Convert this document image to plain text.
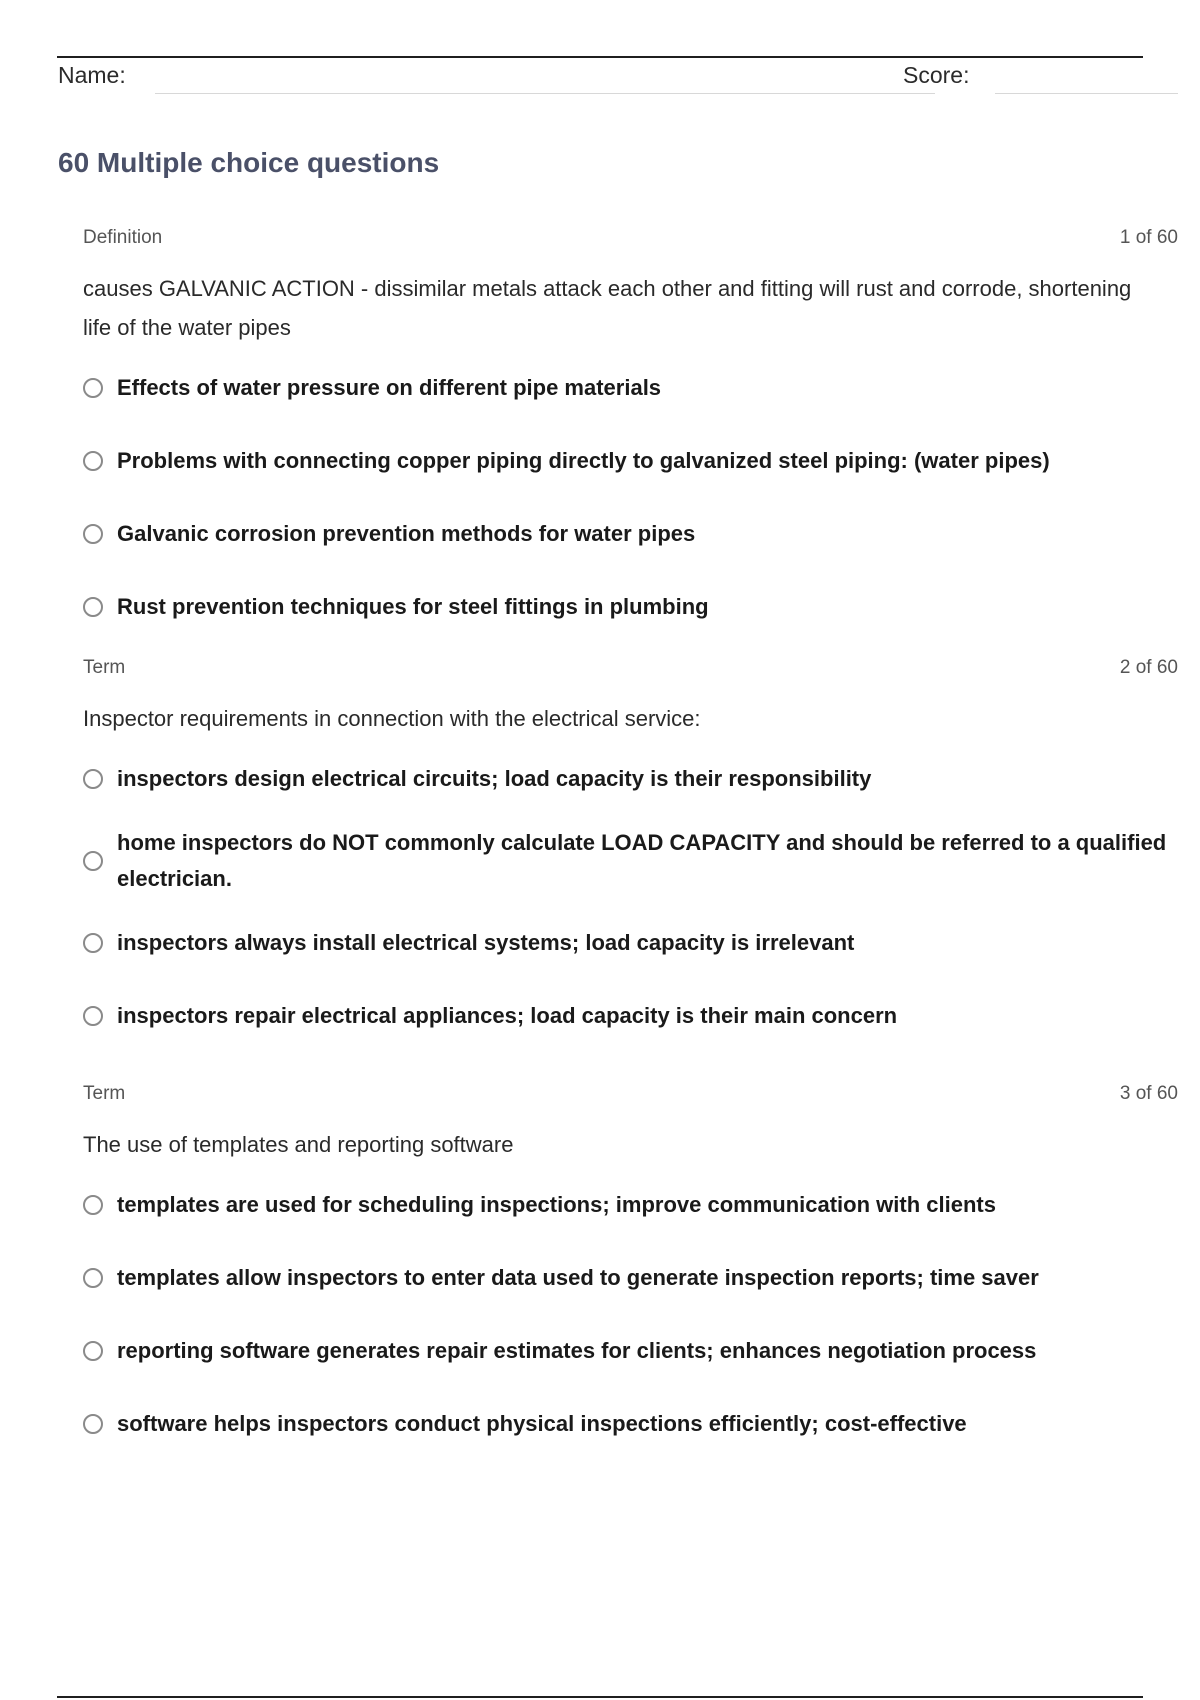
Name:	Score:
60 Multiple choice questions
Definition	1 of 60
causes GALVANIC ACTION - dissimilar metals attack each other and fitting will rust and corrode, shortening life of the water pipes
Effects of water pressure on different pipe materials
Problems with connecting copper piping directly to galvanized steel piping: (water pipes)
Galvanic corrosion prevention methods for water pipes
Rust prevention techniques for steel fittings in plumbing
Term	2 of 60
Inspector requirements in connection with the electrical service:
inspectors design electrical circuits; load capacity is their responsibility
home inspectors do NOT commonly calculate LOAD CAPACITY and should be referred to a qualified electrician.
inspectors always install electrical systems; load capacity is irrelevant
inspectors repair electrical appliances; load capacity is their main concern
Term	3 of 60
The use of templates and reporting software
templates are used for scheduling inspections; improve communication with clients
templates allow inspectors to enter data used to generate inspection reports; time saver
reporting software generates repair estimates for clients; enhances negotiation process
software helps inspectors conduct physical inspections efficiently; cost-effective
